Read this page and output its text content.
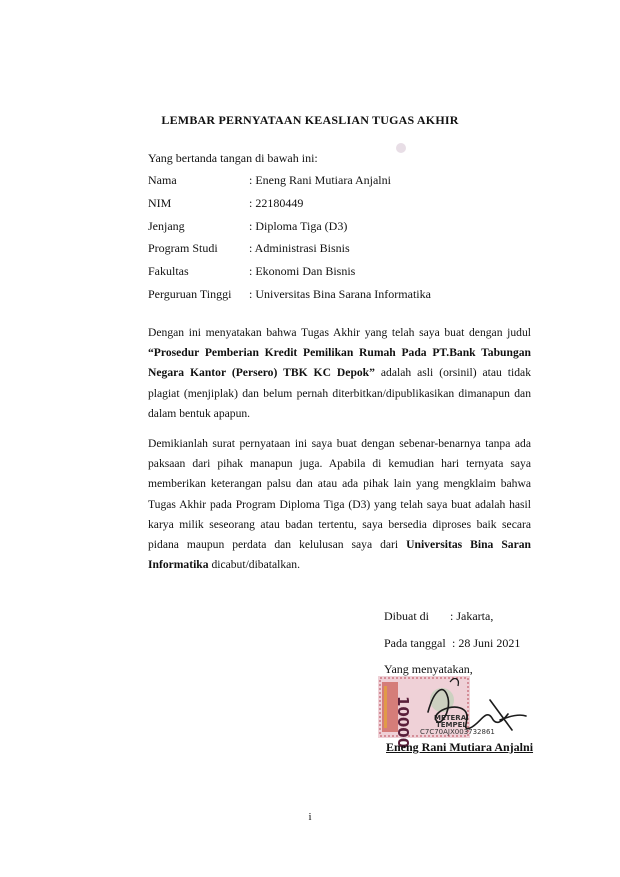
LEMBAR PERNYATAAN KEASLIAN TUGAS AKHIR
Yang bertanda tangan di bawah ini:
Nama	: Eneng Rani Mutiara Anjalni
NIM	: 22180449
Jenjang	: Diploma Tiga (D3)
Program Studi	: Administrasi Bisnis
Fakultas	: Ekonomi Dan Bisnis
Perguruan Tinggi : Universitas Bina Sarana Informatika
Dengan ini menyatakan bahwa Tugas Akhir yang telah saya buat dengan judul “Prosedur Pemberian Kredit Pemilikan Rumah Pada PT.Bank Tabungan Negara Kantor (Persero) TBK KC Depok” adalah asli (orsinil) atau tidak plagiat (menjiplak) dan belum pernah diterbitkan/dipublikasikan dimanapun dan dalam bentuk apapun.
Demikianlah surat pernyataan ini saya buat dengan sebenar-benarnya tanpa ada paksaan dari pihak manapun juga. Apabila di kemudian hari ternyata saya memberikan keterangan palsu dan atau ada pihak lain yang mengklaim bahwa Tugas Akhir pada Program Diploma Tiga (D3) yang telah saya buat adalah hasil karya milik seseorang atau badan tertentu, saya bersedia diproses baik secara pidana maupun perdata dan kelulusan saya dari Universitas Bina Saran Informatika dicabut/dibatalkan.
Dibuat di : Jakarta,
Pada tanggal : 28 Juni 2021
Yang menyatakan,
C7C70AJX003732861
10000	METERAI
TEMPEL
Eneng Rani Mutiara Anjalni
i
